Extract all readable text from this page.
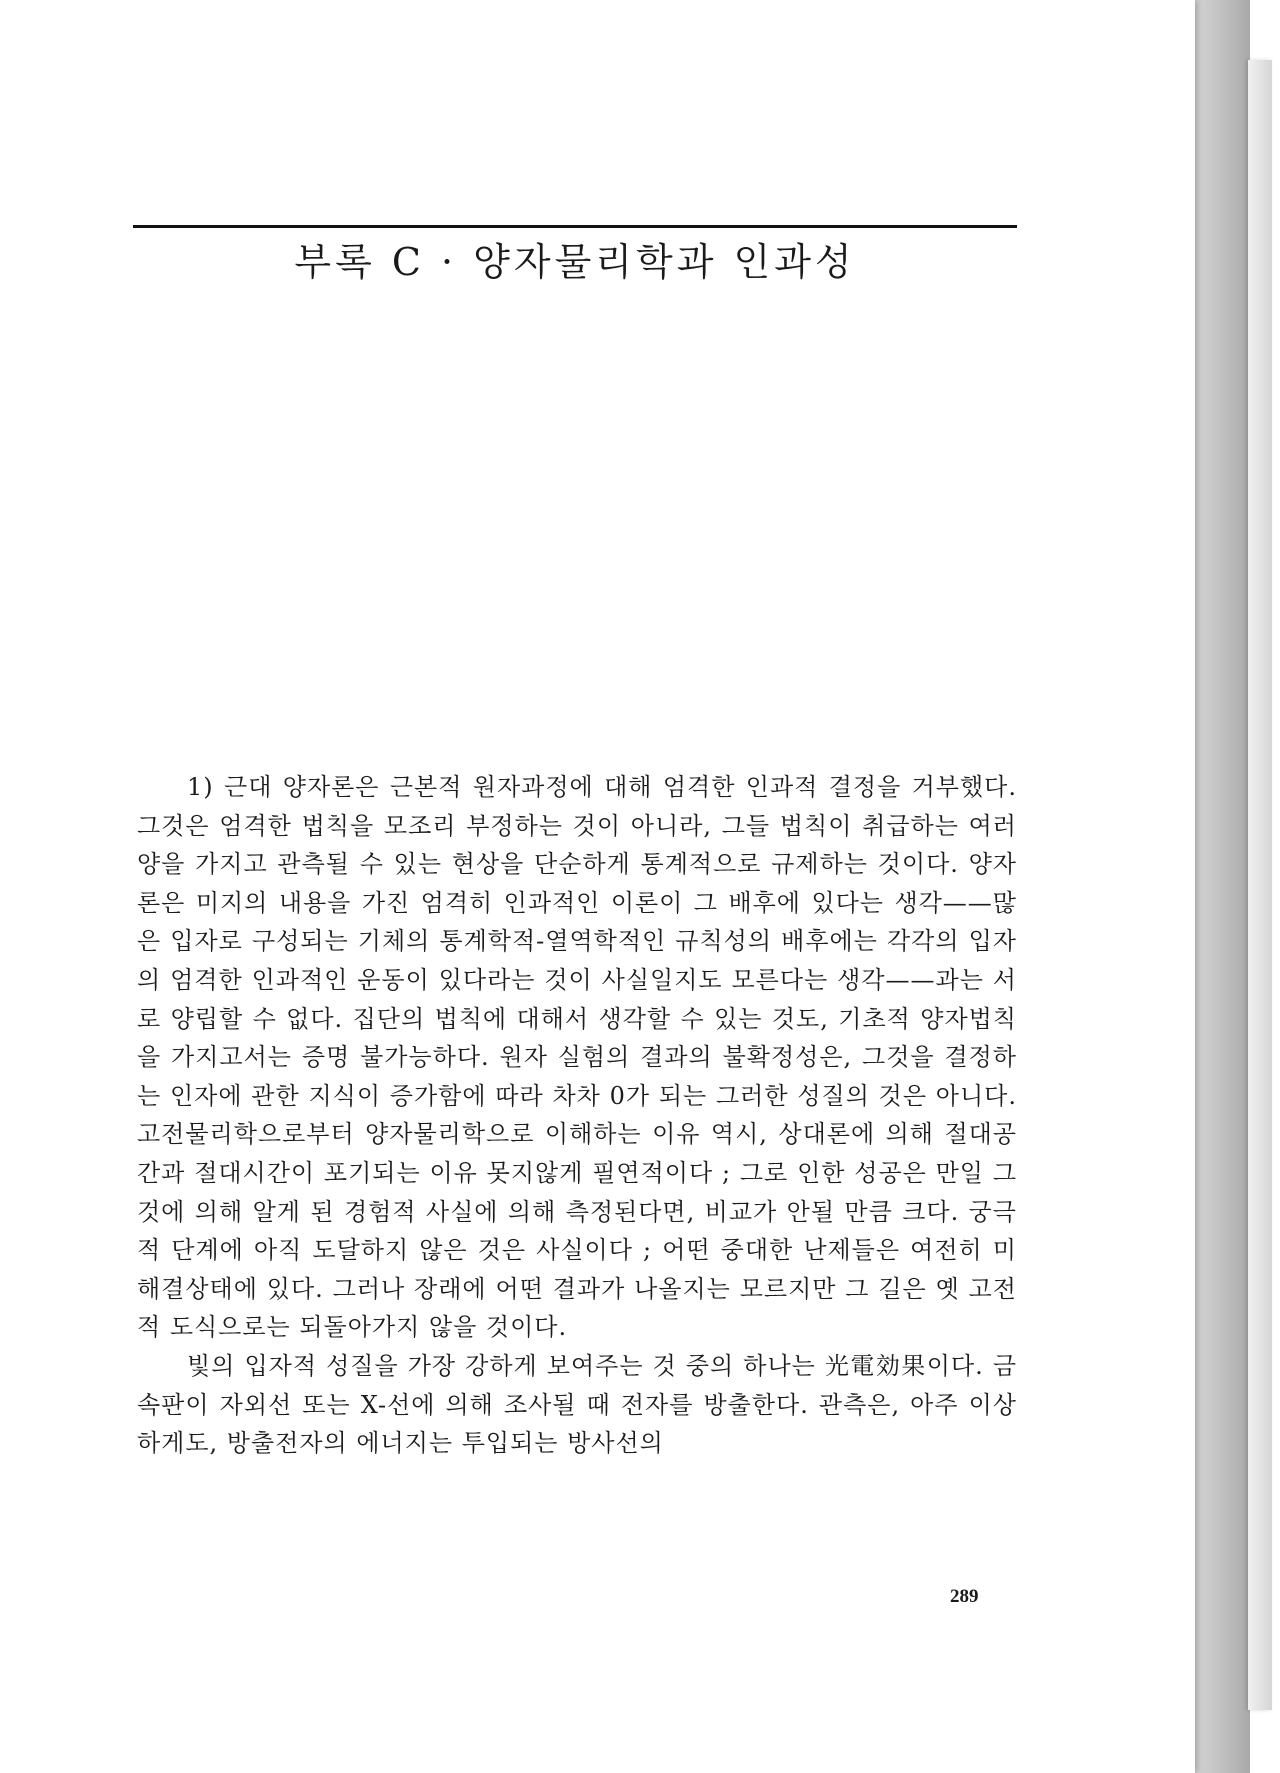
부록 C · 양자물리학과 인과성

1) 근대 양자론은 근본적 원자과정에 대해 엄격한 인과적 결정을 거부했다. 그것은 엄격한 법칙을 모조리 부정하는 것이 아니라, 그들 법칙이 취급하는 여러 양을 가지고 관측될 수 있는 현상을 단순하게 통계적으로 규제하는 것이다. 양자론은 미지의 내용을 가진 엄격히 인과적인 이론이 그 배후에 있다는 생각——많은 입자로 구성되는 기체의 통계학적-열역학적인 규칙성의 배후에는 각각의 입자의 엄격한 인과적인 운동이 있다라는 것이 사실일지도 모른다는 생각——과는 서로 양립할 수 없다. 집단의 법칙에 대해서 생각할 수 있는 것도, 기초적 양자법칙을 가지고서는 증명 불가능하다. 원자 실험의 결과의 불확정성은, 그것을 결정하는 인자에 관한 지식이 증가함에 따라 차차 0가 되는 그러한 성질의 것은 아니다. 고전물리학으로부터 양자물리학으로 이해하는 이유 역시, 상대론에 의해 절대공간과 절대시간이 포기되는 이유 못지않게 필연적이다 ; 그로 인한 성공은 만일 그것에 의해 알게 된 경험적 사실에 의해 측정된다면, 비교가 안될 만큼 크다. 궁극적 단계에 아직 도달하지 않은 것은 사실이다 ; 어떤 중대한 난제들은 여전히 미해결상태에 있다. 그러나 장래에 어떤 결과가 나올지는 모르지만 그 길은 옛 고전적 도식으로는 되돌아가지 않을 것이다.

빛의 입자적 성질을 가장 강하게 보여주는 것 중의 하나는 光電効果이다. 금속판이 자외선 또는 X-선에 의해 조사될 때 전자를 방출한다. 관측은, 아주 이상하게도, 방출전자의 에너지는 투입되는 방사선의

289
